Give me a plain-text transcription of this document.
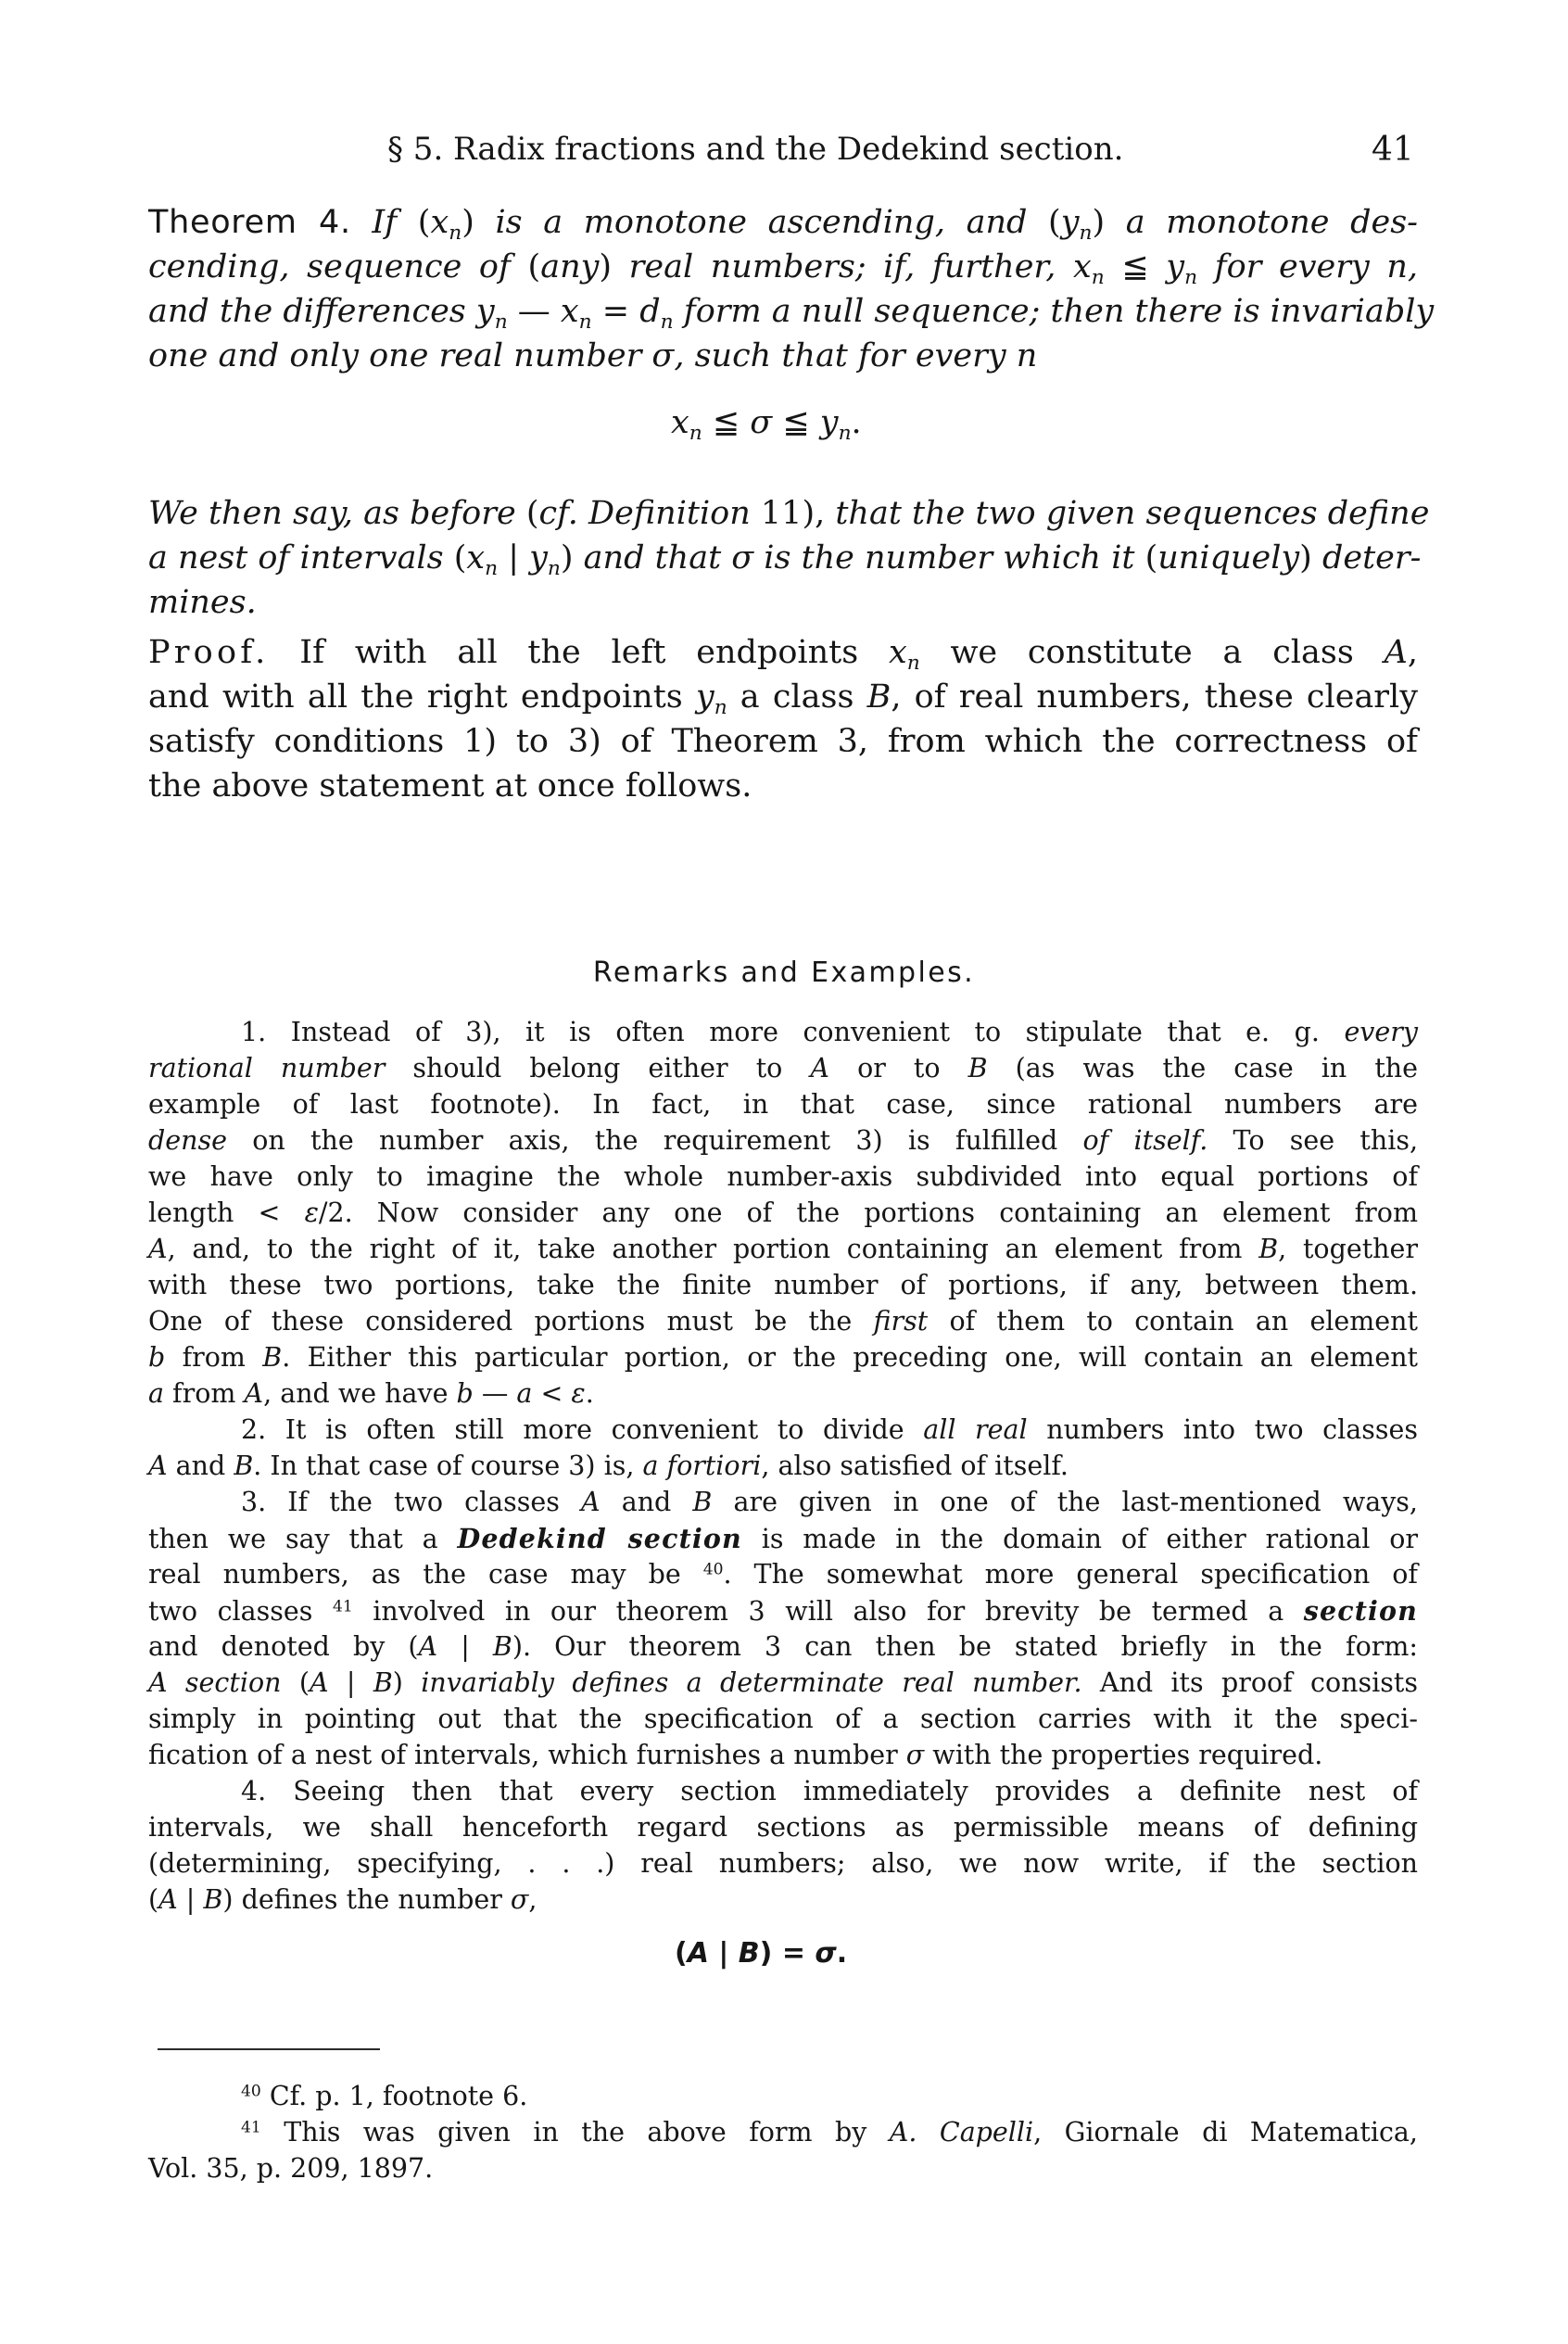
§ 5. Radix fractions and the Dedekind section.	41
Theorem 4. If $(x_n)$ is a monotone ascending, and $(y_n)$ a monotone des-
cending, sequence of (any) real numbers; if, further, $x_n$ ≦ $y_n$ for every n,
and the differences $y_n$ — $x_n = d_n$ form a null sequence; then there is invariably
one and only one real number σ, such that for every n
$x_n$ ≦ σ ≦ $y_n$.
We then say, as before (cf. Definition 11), that the two given sequences define
a nest of intervals ($x_n$ | $y_n$) and that σ is the number which it (uniquely) deter-
mines.
Proof. If with all the left endpoints $x_n$ we constitute a class A,
and with all the right endpoints $y_n$ a class B, of real numbers, these clearly
satisfy conditions 1) to 3) of Theorem 3, from which the correctness of
the above statement at once follows.
Remarks and Examples.
1. Instead of 3), it is often more convenient to stipulate that e. g. every
rational number should belong either to A or to B (as was the case in the
example of last footnote). In fact, in that case, since rational numbers are
dense on the number axis, the requirement 3) is fulfilled of itself. To see this,
we have only to imagine the whole number-axis subdivided into equal portions of
length < ε/2. Now consider any one of the portions containing an element from
A, and, to the right of it, take another portion containing an element from B, together
with these two portions, take the finite number of portions, if any, between them.
One of these considered portions must be the first of them to contain an element
b from B. Either this particular portion, or the preceding one, will contain an element
a from A, and we have b — a < ε.
2. It is often still more convenient to divide all real numbers into two classes
A and B. In that case of course 3) is, a fortiori, also satisfied of itself.
3. If the two classes A and B are given in one of the last-mentioned ways,
then we say that a Dedekind section is made in the domain of either rational or
real numbers, as the case may be $^{40}$. The somewhat more general specification of
two classes $^{41}$ involved in our theorem 3 will also for brevity be termed a section
and denoted by (A | B). Our theorem 3 can then be stated briefly in the form:
A section (A | B) invariably defines a determinate real number. And its proof consists
simply in pointing out that the specification of a section carries with it the speci-
fication of a nest of intervals, which furnishes a number σ with the properties required.
4. Seeing then that every section immediately provides a definite nest of
intervals, we shall henceforth regard sections as permissible means of defining
(determining, specifying, . . .) real numbers; also, we now write, if the section
(A | B) defines the number σ,
(A | B) = σ.
$^{40}$ Cf. p. 1, footnote 6.
$^{41}$ This was given in the above form by A. Capelli, Giornale di Matematica,
Vol. 35, p. 209, 1897.
